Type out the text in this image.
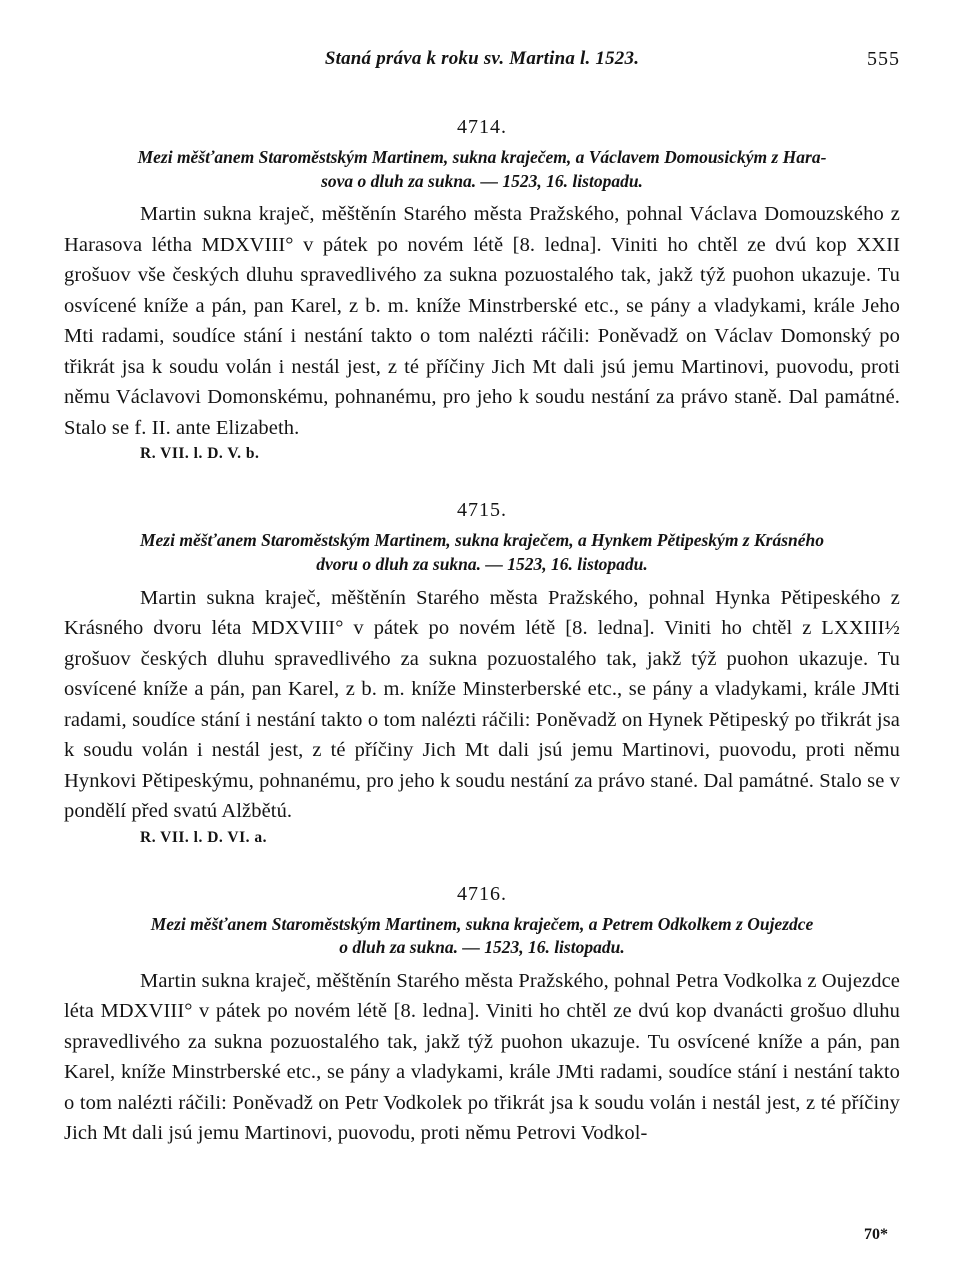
Staná práva k roku sv. Martina l. 1523.	555
4714.
Mezi měšťanem Staroměstským Martinem, sukna kraječem, a Václavem Domousickým z Hara-
sova o dluh za sukna. — 1523, 16. listopadu.

Martin sukna kraječ, měštěnín Starého města Pražského, pohnal Václava Domouzského z Harasova létha MDXVIII° v pátek po novém létě [8. ledna]. Viniti ho chtěl ze dvú kop XXII grošuov vše českých dluhu spravedlivého za sukna pozuostalého tak, jakž týž puohon ukazuje. Tu osvícené kníže a pán, pan Karel, z b. m. kníže Minstrberské etc., se pány a vladykami, krále Jeho Mti radami, soudíce stání i nestání takto o tom nalézti ráčili: Poněvadž on Václav Domonský po třikrát jsa k soudu volán i nestál jest, z té příčiny Jich Mt dali jsú jemu Martinovi, puovodu, proti němu Václavovi Domonskému, pohnanému, pro jeho k soudu nestání za právo staně. Dal památné. Stalo se f. II. ante Elizabeth.

R. VII. l. D. V. b.
4715.
Mezi měšťanem Staroměstským Martinem, sukna kraječem, a Hynkem Pětipeským z Krásného
dvoru o dluh za sukna. — 1523, 16. listopadu.

Martin sukna kraječ, měštěnín Starého města Pražského, pohnal Hynka Pětipeského z Krásného dvoru léta MDXVIII° v pátek po novém létě [8. ledna]. Viniti ho chtěl z LXXIII½ grošuov českých dluhu spravedlivého za sukna pozuostalého tak, jakž týž puohon ukazuje. Tu osvícené kníže a pán, pan Karel, z b. m. kníže Minsterberské etc., se pány a vladykami, krále JMti radami, soudíce stání i nestání takto o tom nalézti ráčili: Poněvadž on Hynek Pětipeský po třikrát jsa k soudu volán i nestál jest, z té příčiny Jich Mt dali jsú jemu Martinovi, puovodu, proti němu Hynkovi Pětipeskýmu, pohnanému, pro jeho k soudu nestání za právo stané. Dal památné. Stalo se v pondělí před svatú Alžbětú.

R. VII. l. D. VI. a.
4716.
Mezi měšťanem Staroměstským Martinem, sukna kraječem, a Petrem Odkolkem z Oujezdce
o dluh za sukna. — 1523, 16. listopadu.

Martin sukna kraječ, měštěnín Starého města Pražského, pohnal Petra Vodkolka z Oujezdce léta MDXVIII° v pátek po novém létě [8. ledna]. Viniti ho chtěl ze dvú kop dvanácti grošuo dluhu spravedlivého za sukna pozuostalého tak, jakž týž puohon ukazuje. Tu osvícené kníže a pán, pan Karel, kníže Minstrberské etc., se pány a vladykami, krále JMti radami, soudíce stání i nestání takto o tom nalézti ráčili: Poněvadž on Petr Vodkolek po třikrát jsa k soudu volán i nestál jest, z té příčiny Jich Mt dali jsú jemu Martinovi, puovodu, proti němu Petrovi Vodkol-

70*
